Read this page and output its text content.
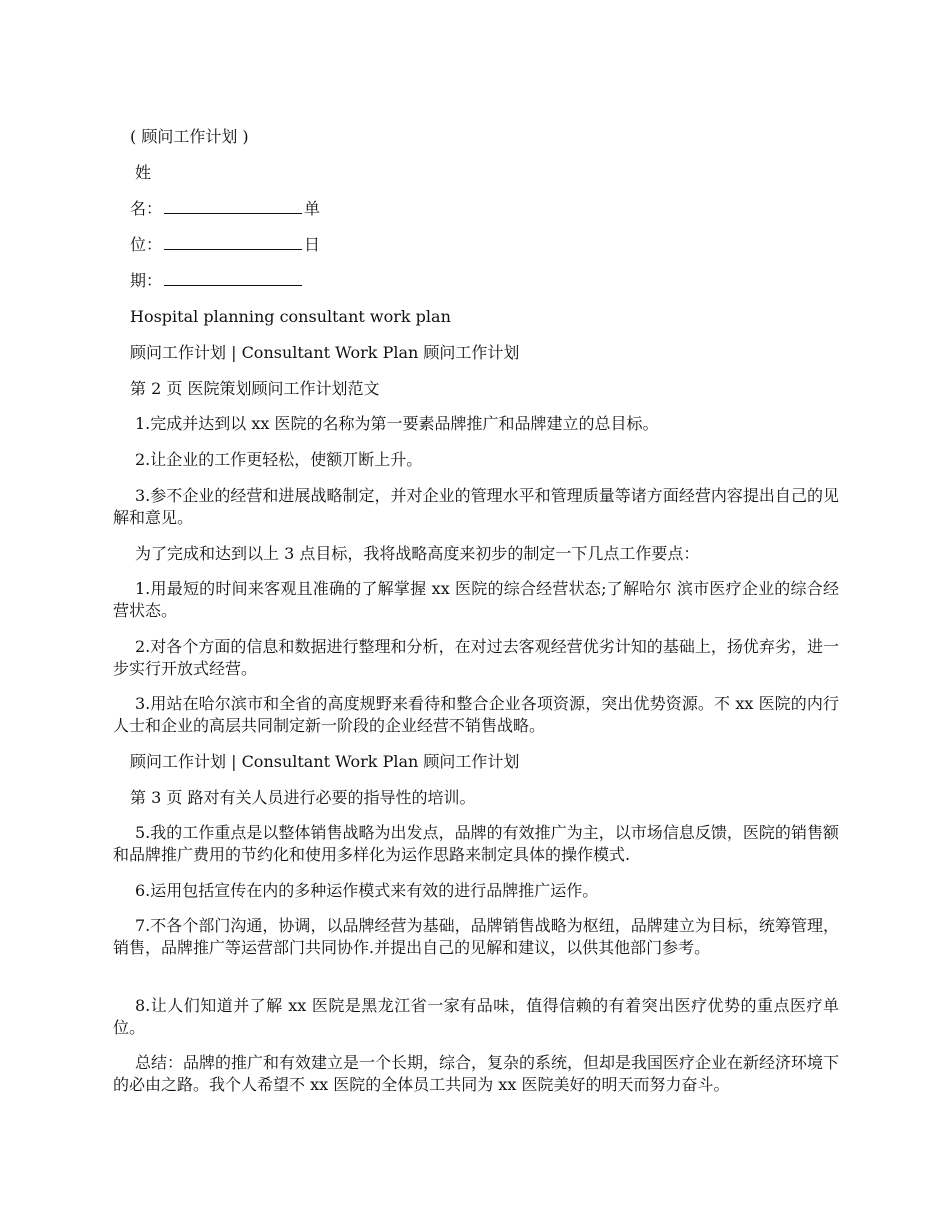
( 顾问工作计划 )
姓
名：	单
位：	日
期：
Hospital planning consultant work plan
顾问工作计划 | Consultant Work Plan 顾问工作计划
第 2 页 医院策划顾问工作计划范文
1.完成并达到以 xx 医院的名称为第一要素品牌推广和品牌建立的总目标。
2.让企业的工作更轻松，使额丌断上升。
3.参不企业的经营和进展战略制定，并对企业的管理水平和管理质量等诸方面经营内容提出自己的见解和意见。
为了完成和达到以上 3 点目标，我将战略高度来初步的制定一下几点工作要点：
1.用最短的时间来客观且准确的了解掌握 xx 医院的综合经营状态;了解哈尔 滨市医疗企业的综合经营状态。
2.对各个方面的信息和数据进行整理和分析，在对过去客观经营优劣计知的基础上，扬优弃劣，进一步实行开放式经营。
3.用站在哈尔滨市和全省的高度规野来看待和整合企业各项资源，突出优势资源。不 xx 医院的内行人士和企业的高层共同制定新一阶段的企业经营不销售战略。
顾问工作计划 | Consultant Work Plan 顾问工作计划
第 3 页 路对有关人员进行必要的指导性的培训。
5.我的工作重点是以整体销售战略为出发点，品牌的有效推广为主，以市场信息反馈，医院的销售额和品牌推广费用的节约化和使用多样化为运作思路来制定具体的操作模式.
6.运用包括宣传在内的多种运作模式来有效的进行品牌推广运作。
7.不各个部门沟通，协调，以品牌经营为基础，品牌销售战略为枢纽，品牌建立为目标，统筹管理，销售，品牌推广等运营部门共同协作.并提出自己的见解和建议，以供其他部门参考。
8.让人们知道并了解 xx 医院是黑龙江省一家有品味，值得信赖的有着突出医疗优势的重点医疗单位。
总结：品牌的推广和有效建立是一个长期，综合，复杂的系统，但却是我国医疗企业在新经济环境下的必由之路。我个人希望不 xx 医院的全体员工共同为 xx 医院美好的明天而努力奋斗。
